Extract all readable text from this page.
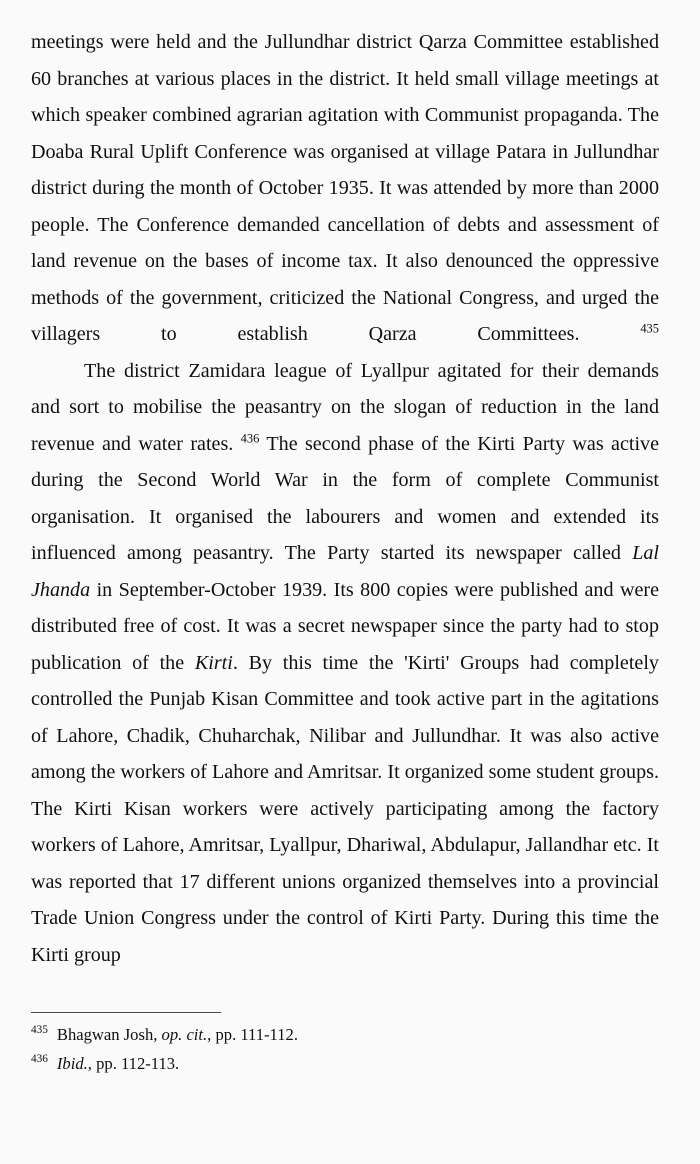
meetings were held and the Jullundhar district Qarza Committee established 60 branches at various places in the district. It held small village meetings at which speaker combined agrarian agitation with Communist propaganda. The Doaba Rural Uplift Conference was organised at village Patara in Jullundhar district during the month of October 1935. It was attended by more than 2000 people. The Conference demanded cancellation of debts and assessment of land revenue on the bases of income tax. It also denounced the oppressive methods of the government, criticized the National Congress, and urged the villagers to establish Qarza Committees. $^{435}$

The district Zamidara league of Lyallpur agitated for their demands and sort to mobilise the peasantry on the slogan of reduction in the land revenue and water rates. $^{436}$ The second phase of the Kirti Party was active during the Second World War in the form of complete Communist organisation. It organised the labourers and women and extended its influenced among peasantry. The Party started its newspaper called Lal Jhanda in September-October 1939. Its 800 copies were published and were distributed free of cost. It was a secret newspaper since the party had to stop publication of the Kirti. By this time the 'Kirti' Groups had completely controlled the Punjab Kisan Committee and took active part in the agitations of Lahore, Chadik, Chuharchak, Nilibar and Jullundhar. It was also active among the workers of Lahore and Amritsar. It organized some student groups. The Kirti Kisan workers were actively participating among the factory workers of Lahore, Amritsar, Lyallpur, Dhariwal, Abdulapur, Jallandhar etc. It was reported that 17 different unions organized themselves into a provincial Trade Union Congress under the control of Kirti Party. During this time the Kirti group

$^{435}$ Bhagwan Josh, op. cit., pp. 111-112.
$^{436}$ Ibid., pp. 112-113.
